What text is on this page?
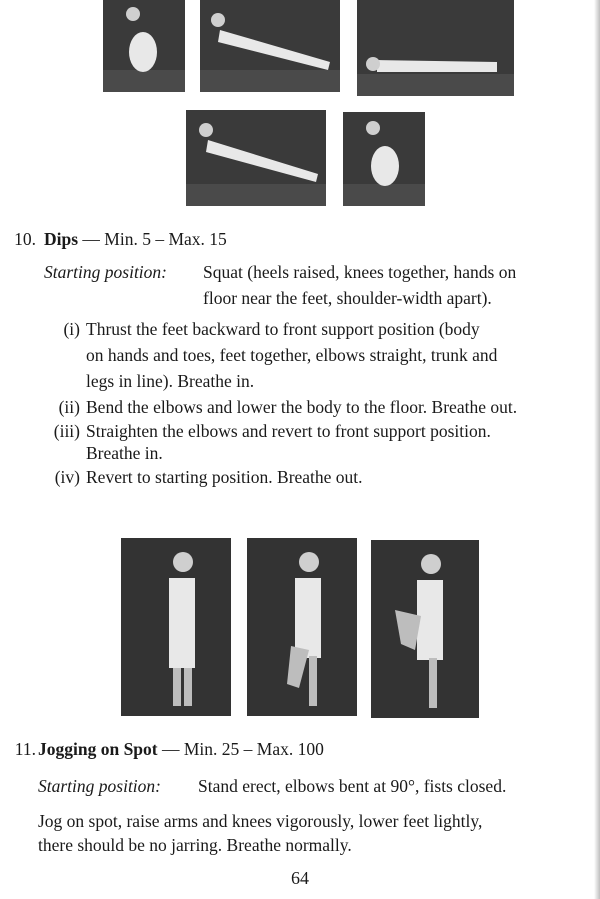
10. Dips — Min. 5 – Max. 15
Starting position: Squat (heels raised, knees together, hands on
floor near the feet, shoulder-width apart).
(i) Thrust the feet backward to front support position (body
on hands and toes, feet together, elbows straight, trunk and
legs in line). Breathe in.
(ii) Bend the elbows and lower the body to the floor. Breathe out.
(iii) Straighten the elbows and revert to front support position.
Breathe in.
(iv) Revert to starting position. Breathe out.
11. Jogging on Spot — Min. 25 – Max. 100
Starting position: Stand erect, elbows bent at 90°, fists closed.
Jog on spot, raise arms and knees vigorously, lower feet lightly,
there should be no jarring. Breathe normally.
64
